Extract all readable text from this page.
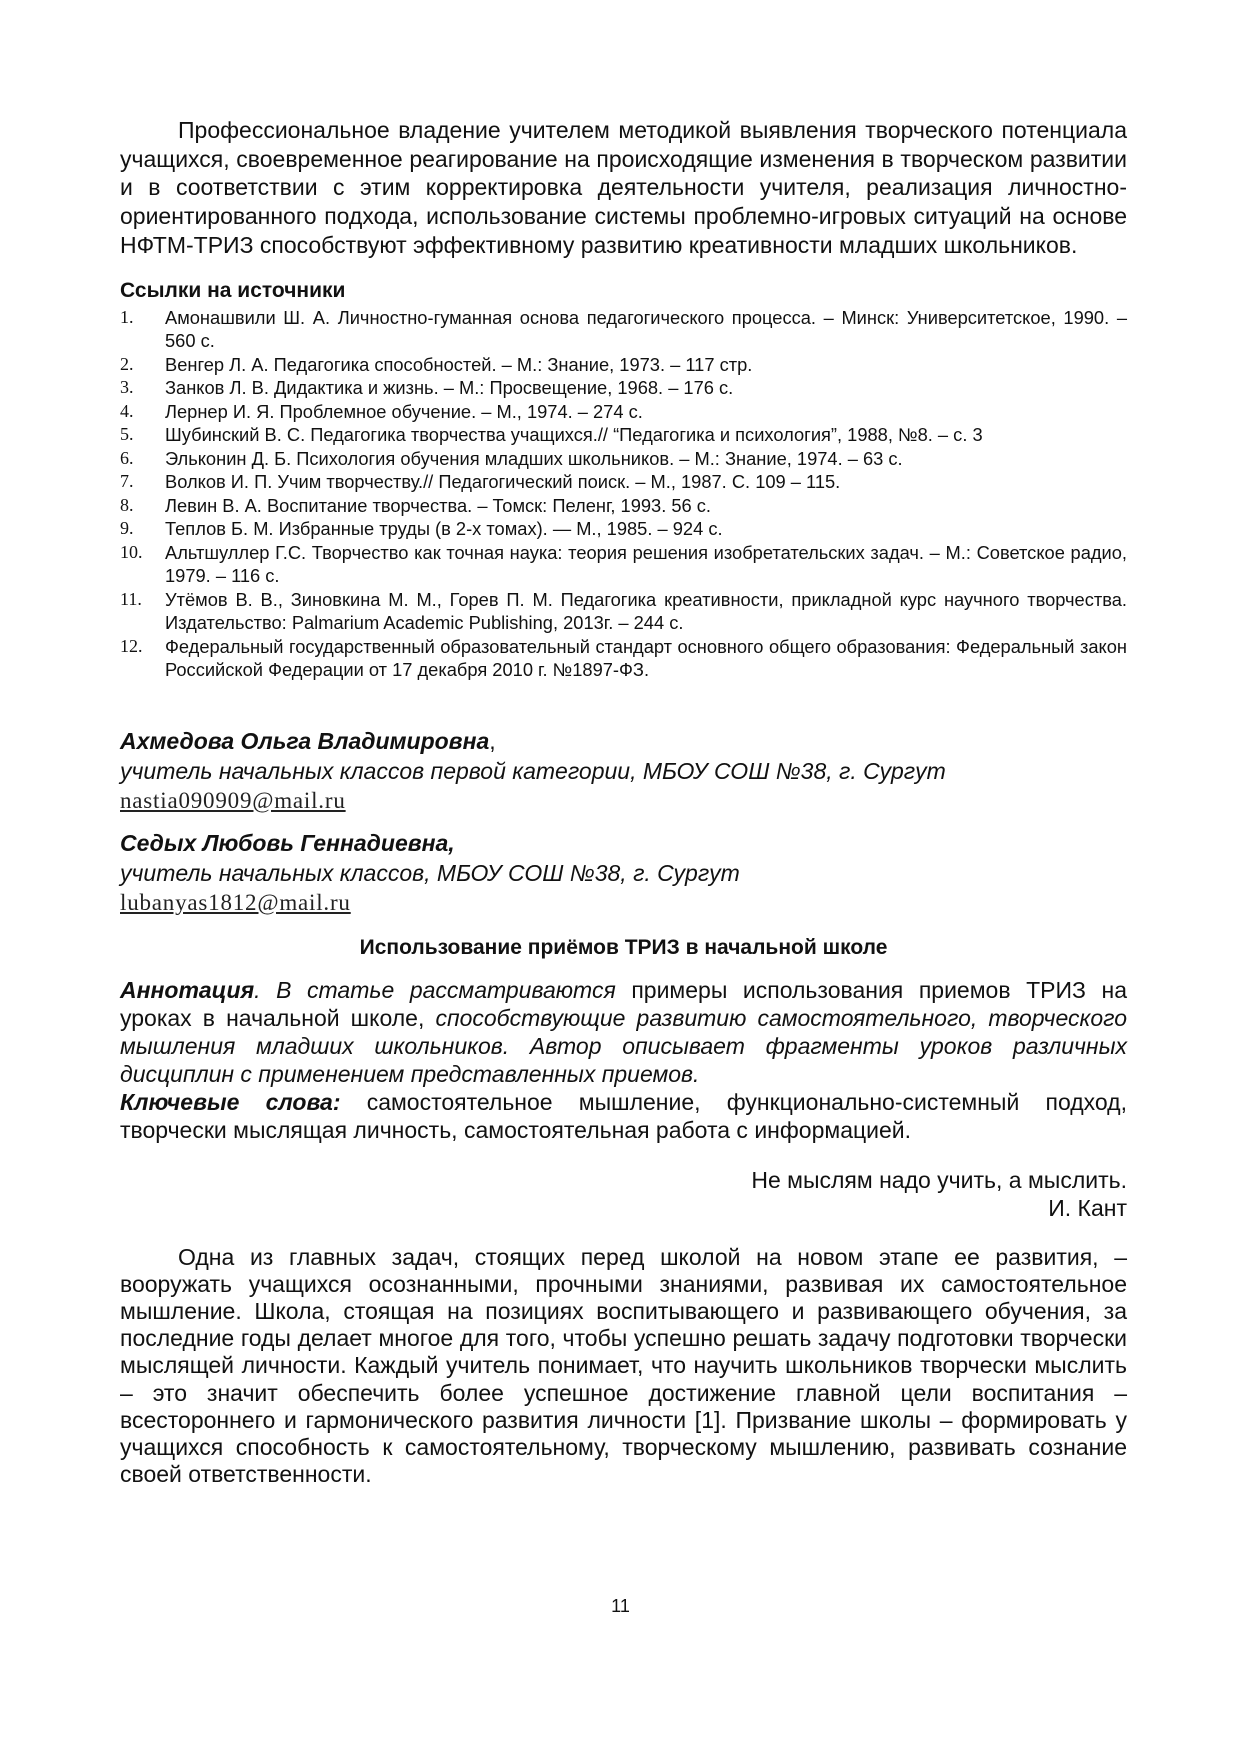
Профессиональное владение учителем методикой выявления творческого потенциала учащихся, своевременное реагирование на происходящие изменения в творческом развитии и в соответствии с этим корректировка деятельности учителя, реализация личностно-ориентированного подхода, использование системы проблемно-игровых ситуаций на основе НФТМ-ТРИЗ способствуют эффективному развитию креативности младших школьников.

Ссылки на источники
1. Амонашвили Ш. А. Личностно-гуманная основа педагогического процесса. – Минск: Университетское, 1990. – 560 с.
2. Венгер Л. А. Педагогика способностей. – М.: Знание, 1973. – 117 стр.
3. Занков Л. В. Дидактика и жизнь. – М.: Просвещение, 1968. – 176 с.
4. Лернер И. Я. Проблемное обучение. – М., 1974. – 274 с.
5. Шубинский В. С. Педагогика творчества учащихся.// “Педагогика и психология”, 1988, №8. – с. 3
6. Эльконин Д. Б. Психология обучения младших школьников. – М.: Знание, 1974. – 63 с.
7. Волков И. П. Учим творчеству.// Педагогический поиск. – М., 1987. С. 109 – 115.
8. Левин В. А. Воспитание творчества. – Томск: Пеленг, 1993. 56 с.
9. Теплов Б. М. Избранные труды (в 2-х томах). — М., 1985. – 924 с.
10. Альтшуллер Г.С. Творчество как точная наука: теория решения изобретательских задач. – М.: Советское радио, 1979. – 116 с.
11. Утёмов В. В., Зиновкина М. М., Горев П. М. Педагогика креативности, прикладной курс научного творчества. Издательство: Palmarium Academic Publishing, 2013г. – 244 с.
12. Федеральный государственный образовательный стандарт основного общего образования: Федеральный закон Российской Федерации от 17 декабря 2010 г. №1897-ФЗ.

Ахмедова Ольга Владимировна,

учитель начальных классов первой категории, МБОУ СОШ №38, г. Сургут

nastia090909@mail.ru

Седых Любовь Геннадиевна,

учитель начальных классов, МБОУ СОШ №38, г. Сургут

lubanyas1812@mail.ru

Использование приёмов ТРИЗ в начальной школе

Аннотация. В статье рассматриваются примеры использования приемов ТРИЗ на уроках в начальной школе, способствующие развитию самостоятельного, творческого мышления младших школьников. Автор описывает фрагменты уроков различных дисциплин с применением представленных приемов.

Ключевые слова: самостоятельное мышление, функционально-системный подход, творчески мыслящая личность, самостоятельная работа с информацией.

Не мыслям надо учить, а мыслить.

И. Кант

Одна из главных задач, стоящих перед школой на новом этапе ее развития, – вооружать учащихся осознанными, прочными знаниями, развивая их самостоятельное мышление. Школа, стоящая на позициях воспитывающего и развивающего обучения, за последние годы делает многое для того, чтобы успешно решать задачу подготовки творчески мыслящей личности. Каждый учитель понимает, что научить школьников творчески мыслить – это значит обеспечить более успешное достижение главной цели воспитания – всестороннего и гармонического развития личности [1]. Призвание школы – формировать у учащихся способность к самостоятельному, творческому мышлению, развивать сознание своей ответственности.

11
